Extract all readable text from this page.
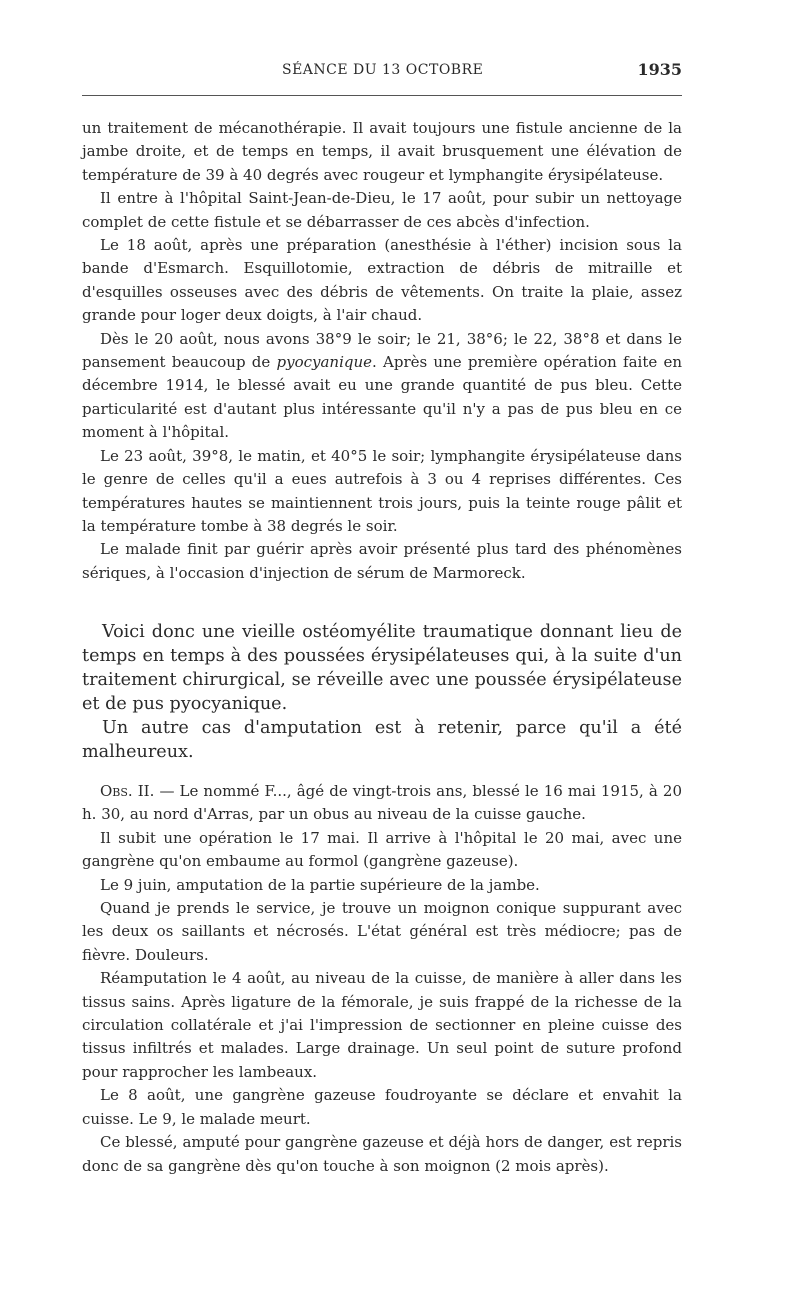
SÉANCE DU 13 OCTOBRE	1935

un traitement de mécanothérapie. Il avait toujours une fistule ancienne de la jambe droite, et de temps en temps, il avait brusquement une élévation de température de 39 à 40 degrés avec rougeur et lymphangite érysipélateuse.

Il entre à l'hôpital Saint-Jean-de-Dieu, le 17 août, pour subir un nettoyage complet de cette fistule et se débarrasser de ces abcès d'infection.

Le 18 août, après une préparation (anesthésie à l'éther) incision sous la bande d'Esmarch. Esquillotomie, extraction de débris de mitraille et d'esquilles osseuses avec des débris de vêtements. On traite la plaie, assez grande pour loger deux doigts, à l'air chaud.

Dès le 20 août, nous avons 38°9 le soir; le 21, 38°6; le 22, 38°8 et dans le pansement beaucoup de pyocyanique. Après une première opération faite en décembre 1914, le blessé avait eu une grande quantité de pus bleu. Cette particularité est d'autant plus intéressante qu'il n'y a pas de pus bleu en ce moment à l'hôpital.

Le 23 août, 39°8, le matin, et 40°5 le soir; lymphangite érysipélateuse dans le genre de celles qu'il a eues autrefois à 3 ou 4 reprises différentes. Ces températures hautes se maintiennent trois jours, puis la teinte rouge pâlit et la température tombe à 38 degrés le soir.

Le malade finit par guérir après avoir présenté plus tard des phénomènes sériques, à l'occasion d'injection de sérum de Marmoreck.

Voici donc une vieille ostéomyélite traumatique donnant lieu de temps en temps à des poussées érysipélateuses qui, à la suite d'un traitement chirurgical, se réveille avec une poussée érysipélateuse et de pus pyocyanique.

Un autre cas d'amputation est à retenir, parce qu'il a été malheureux.

Obs. II. — Le nommé F..., âgé de vingt-trois ans, blessé le 16 mai 1915, à 20 h. 30, au nord d'Arras, par un obus au niveau de la cuisse gauche.

Il subit une opération le 17 mai. Il arrive à l'hôpital le 20 mai, avec une gangrène qu'on embaume au formol (gangrène gazeuse).

Le 9 juin, amputation de la partie supérieure de la jambe.

Quand je prends le service, je trouve un moignon conique suppurant avec les deux os saillants et nécrosés. L'état général est très médiocre; pas de fièvre. Douleurs.

Réamputation le 4 août, au niveau de la cuisse, de manière à aller dans les tissus sains. Après ligature de la fémorale, je suis frappé de la richesse de la circulation collatérale et j'ai l'impression de sectionner en pleine cuisse des tissus infiltrés et malades. Large drainage. Un seul point de suture profond pour rapprocher les lambeaux.

Le 8 août, une gangrène gazeuse foudroyante se déclare et envahit la cuisse. Le 9, le malade meurt.

Ce blessé, amputé pour gangrène gazeuse et déjà hors de danger, est repris donc de sa gangrène dès qu'on touche à son moignon (2 mois après).
